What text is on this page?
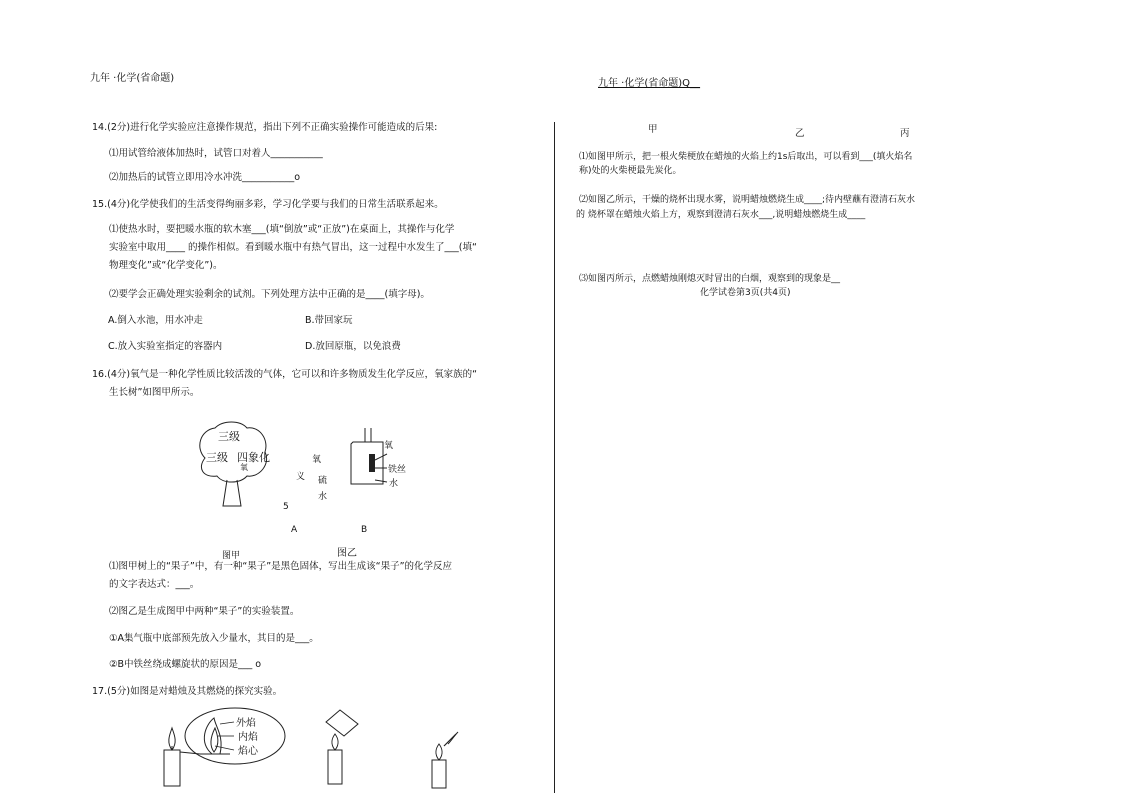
九年 ·化学(省命题)	九年 ·化学(省命题)Q__
14.(2分)进行化学实验应注意操作规范，指出下列不正确实验操作可能造成的后果:
⑴用试管给液体加热时，试管口对着人___________
⑵加热后的试管立即用冷水冲洗___________o
15.(4分)化学使我们的生活变得绚丽多彩，学习化学要与我们的日常生活联系起来。
⑴使热水时，要把暖水瓶的软木塞___(填“倒放”或“正放”)在桌面上，其操作与化学
实验室中取用____ 的操作相似。看到暖水瓶中有热气冒出，这一过程中水发生了___(填“
物理变化”或“化学变化”)。
⑵要学会正确处理实验剩余的试剂。下列处理方法中正确的是____(填字母)。
A.倒入水池，用水冲走	B.带回家玩
C.放入实验室指定的容器内	D.放回原瓶，以免浪费
16.(4分)氧气是一种化学性质比较活泼的气体，它可以和许多物质发生化学反应，氧家族的“
生长树”如图甲所示。
三级
三级 四象化
氧
氧
义 硫
水
5
氧
铁丝
水
A	B
图甲	图乙
⑴图甲树上的“果子”中，有一种“果子”是黑色固体，写出生成该“果子”的化学反应
的文字表达式：___。
⑵图乙是生成图甲中两种“果子”的实验装置。
①A集气瓶中底部预先放入少量水，其目的是___。
②B中铁丝绕成螺旋状的原因是___ o
17.(5分)如图是对蜡烛及其燃烧的探究实验。
外焰
内焰
焰心
甲	乙	丙
⑴如图甲所示，把一根火柴梗放在蜡烛的火焰上约1s后取出，可以看到___(填火焰名
称)处的火柴梗最先炭化。
⑵如图乙所示，干燥的烧杯出现水雾，说明蜡烛燃烧生成____;待内壁蘸有澄清石灰水
的 烧杯罩在蜡烛火焰上方，观察到澄清石灰水___,说明蜡烛燃烧生成____
⑶如图丙所示，点燃蜡烛刚熄灭时冒出的白烟，观察到的现象是__
化学试卷第3页(共4页)
